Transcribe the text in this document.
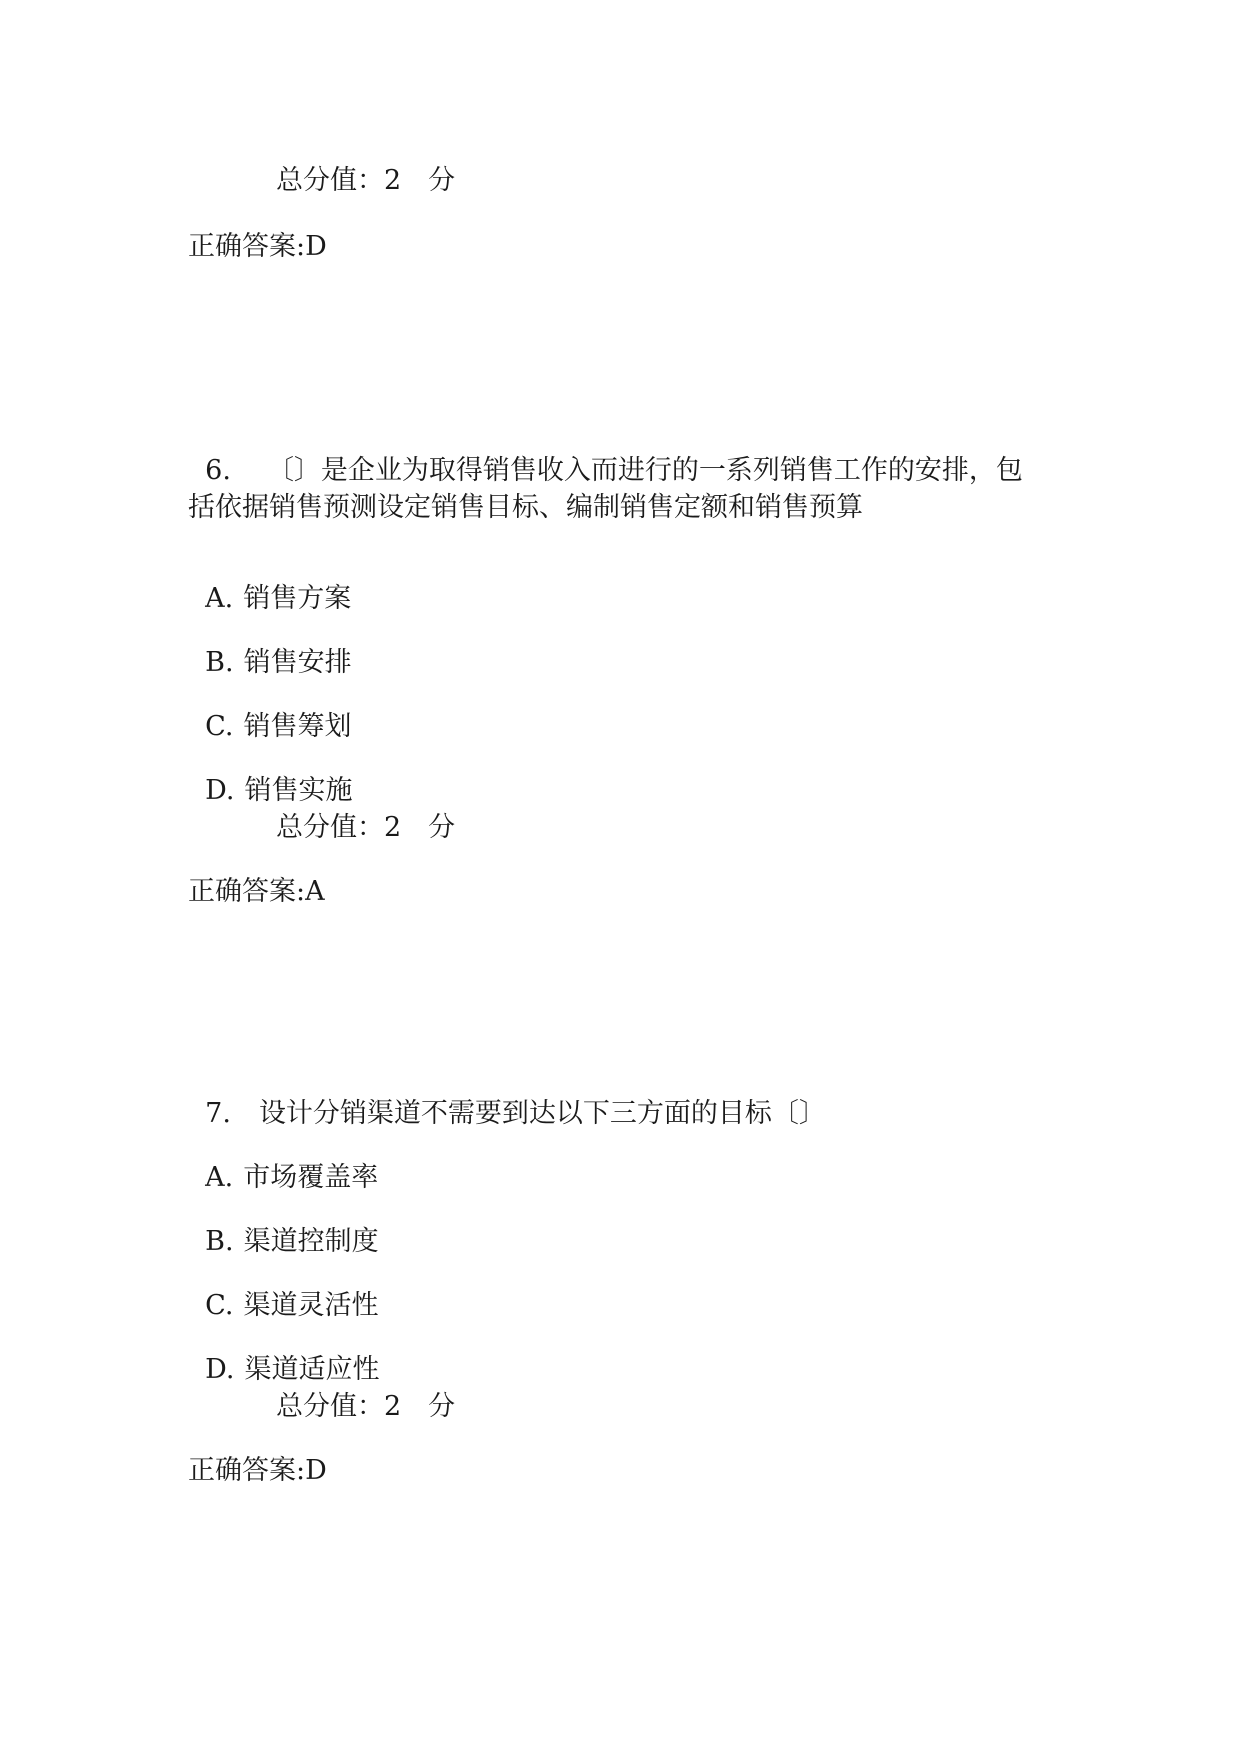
总分值：2　分
正确答案:D

6. 〔〕是企业为取得销售收入而进行的一系列销售工作的安排，包

括依据销售预测设定销售目标、编制销售定额和销售预算

A. 销售方案

B. 销售安排

C. 销售筹划

D. 销售实施

总分值：2　分
正确答案:A

7. 设计分销渠道不需要到达以下三方面的目标〔〕

A. 市场覆盖率

B. 渠道控制度

C. 渠道灵活性

D. 渠道适应性

总分值：2　分
正确答案:D
